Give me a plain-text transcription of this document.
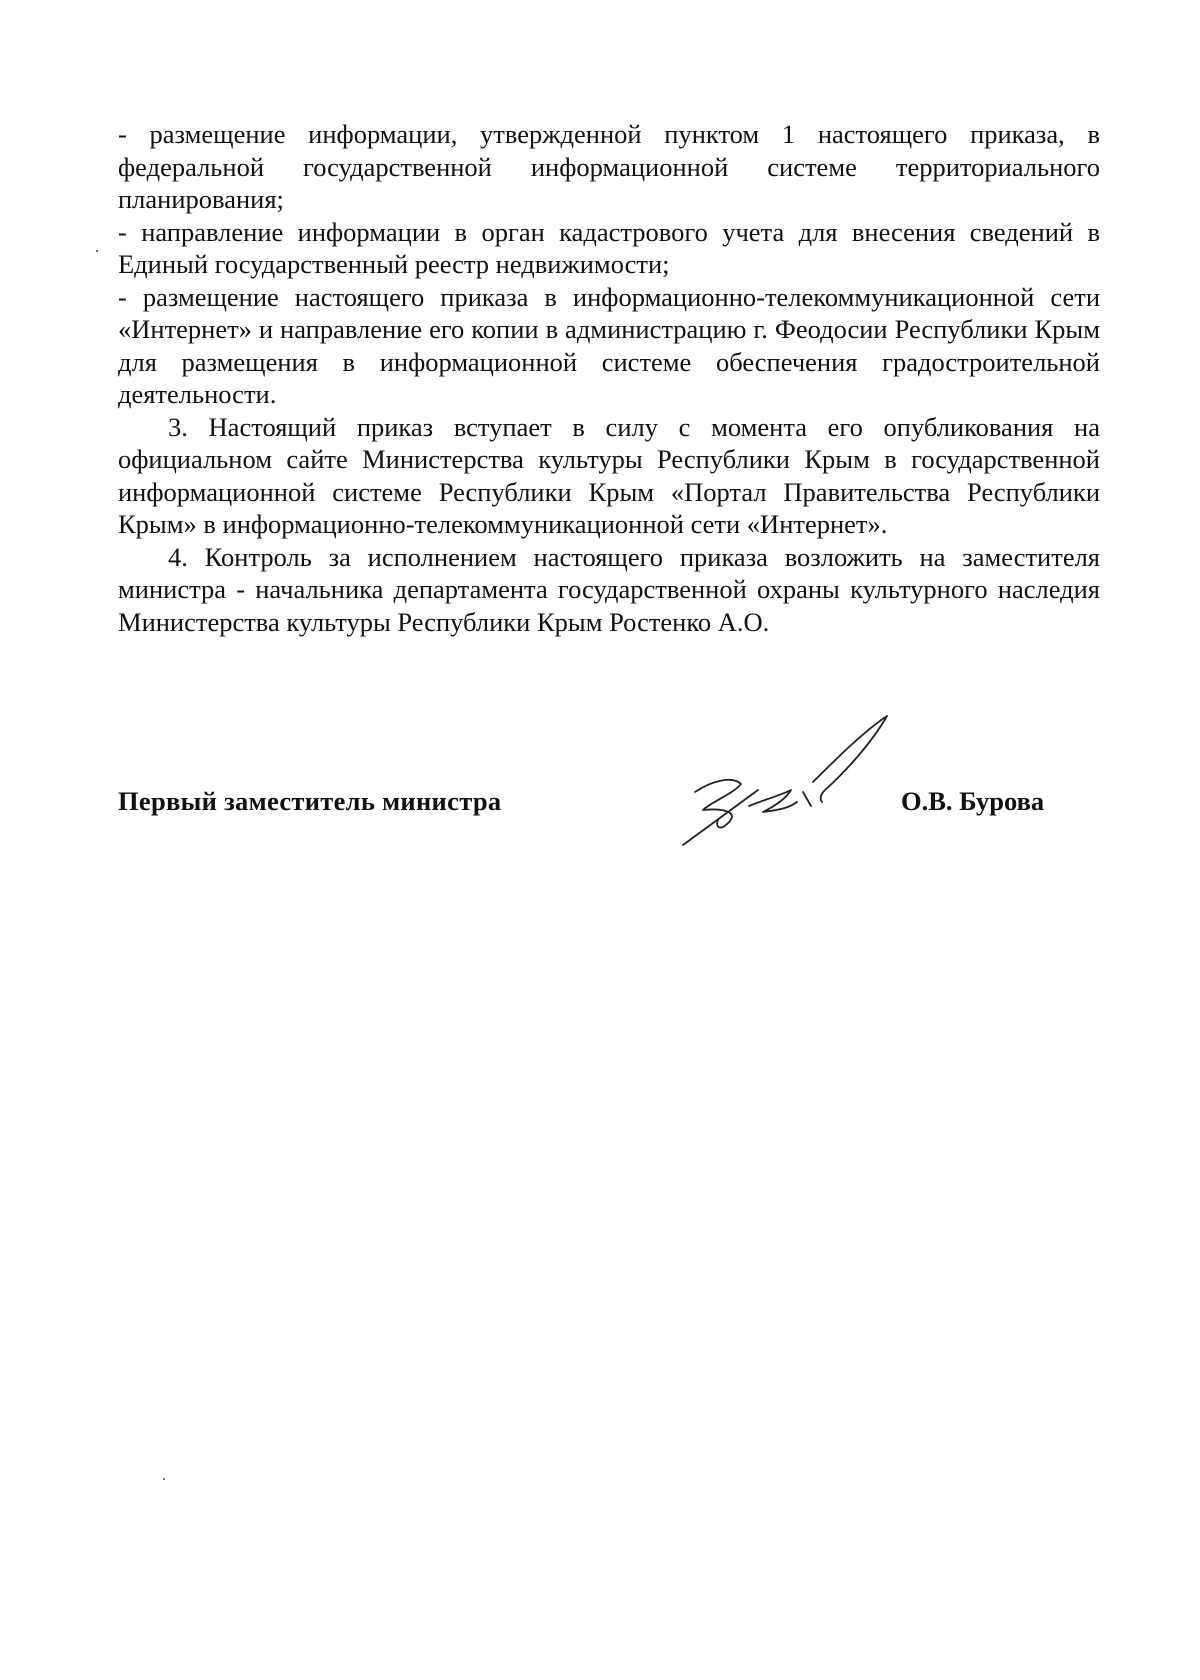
- размещение информации, утвержденной пунктом 1 настоящего приказа, в федеральной государственной информационной системе территориального планирования;

- направление информации в орган кадастрового учета для внесения сведений в Единый государственный реестр недвижимости;

- размещение настоящего приказа в информационно-телекоммуникационной сети «Интернет» и направление его копии в администрацию г. Феодосии Республики Крым для размещения в информационной системе обеспечения градостроительной деятельности.

3. Настоящий приказ вступает в силу с момента его опубликования на официальном сайте Министерства культуры Республики Крым в государственной информационной системе Республики Крым «Портал Правительства Республики Крым» в информационно-телекоммуникационной сети «Интернет».

4. Контроль за исполнением настоящего приказа возложить на заместителя министра - начальника департамента государственной охраны культурного наследия Министерства культуры Республики Крым Ростенко А.О.

Первый заместитель министра	О.В. Бурова
